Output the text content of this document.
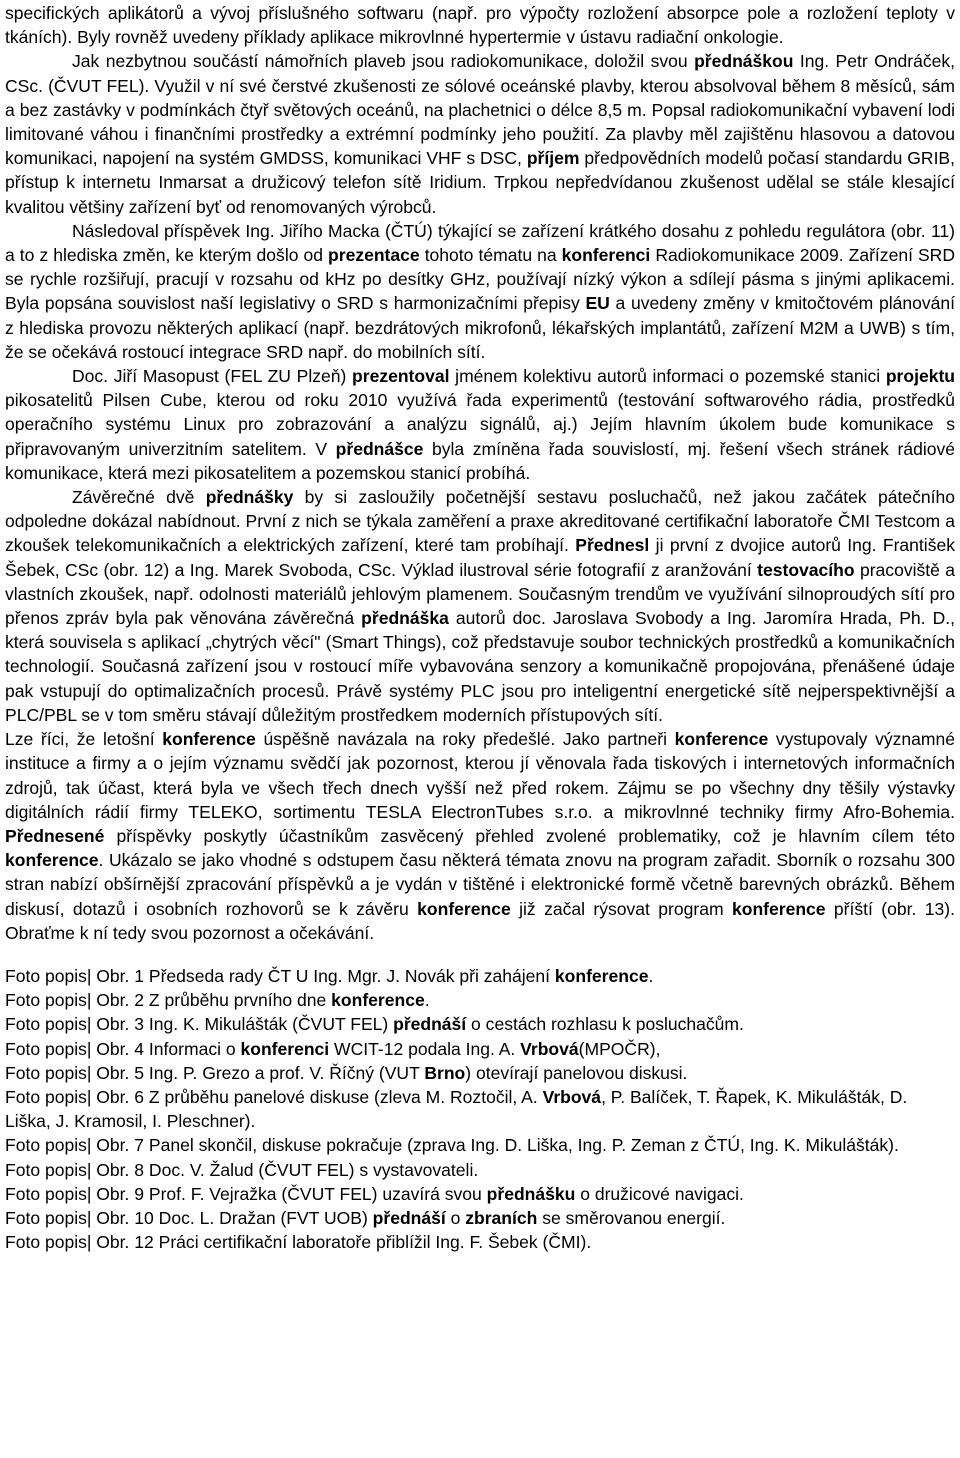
specifických aplikátorů a vývoj příslušného softwaru (např. pro výpočty rozložení absorpce pole a rozložení teploty v tkáních). Byly rovněž uvedeny příklady aplikace mikrovlnné hypertermie v ústavu radiační onkologie.

Jak nezbytnou součástí námořních plaveb jsou radiokomunikace, doložil svou přednáškou Ing. Petr Ondráček, CSc. (ČVUT FEL). Využil v ní své čerstvé zkušenosti ze sólové oceánské plavby, kterou absolvoval během 8 měsíců, sám a bez zastávky v podmínkách čtyř světových oceánů, na plachetnici o délce 8,5 m. Popsal radiokomunikační vybavení lodi limitované váhou i finančními prostředky a extrémní podmínky jeho použití. Za plavby měl zajištěnu hlasovou a datovou komunikaci, napojení na systém GMDSS, komunikaci VHF s DSC, příjem předpovědních modelů počasí standardu GRIB, přístup k internetu Inmarsat a družicový telefon sítě Iridium. Trpkou nepředvídanou zkušenost udělal se stále klesající kvalitou většiny zařízení byť od renomovaných výrobců.

Následoval příspěvek Ing. Jiřího Macka (ČTÚ) týkající se zařízení krátkého dosahu z pohledu regulátora (obr. 11) a to z hlediska změn, ke kterým došlo od prezentace tohoto tématu na konferenci Radiokomunikace 2009. Zařízení SRD se rychle rozšiřují, pracují v rozsahu od kHz po desítky GHz, používají nízký výkon a sdílejí pásma s jinými aplikacemi. Byla popsána souvislost naší legislativy o SRD s harmonizačními přepisy EU a uvedeny změny v kmitočtovém plánování z hlediska provozu některých aplikací (např. bezdrátových mikrofonů, lékařských implantátů, zařízení M2M a UWB) s tím, že se očekává rostoucí integrace SRD např. do mobilních sítí.

Doc. Jiří Masopust (FEL ZU Plzeň) prezentoval jménem kolektivu autorů informaci o pozemské stanici projektu pikosatelitů Pilsen Cube, kterou od roku 2010 využívá řada experimentů (testování softwarového rádia, prostředků operačního systému Linux pro zobrazování a analýzu signálů, aj.) Jejím hlavním úkolem bude komunikace s připravovaným univerzitním satelitem. V přednášce byla zmíněna řada souvislostí, mj. řešení všech stránek rádiové komunikace, která mezi pikosatelitem a pozemskou stanicí probíhá.

Závěrečné dvě přednášky by si zasloužily početnější sestavu posluchačů, než jakou začátek pátečního odpoledne dokázal nabídnout. První z nich se týkala zaměření a praxe akreditované certifikační laboratoře ČMI Testcom a zkoušek telekomunikačních a elektrických zařízení, které tam probíhají. Přednesl ji první z dvojice autorů Ing. František Šebek, CSc (obr. 12) a Ing. Marek Svoboda, CSc. Výklad ilustroval série fotografií z aranžování testovacího pracoviště a vlastních zkoušek, např. odolnosti materiálů jehlovým plamenem. Současným trendům ve využívání silnoproudých sítí pro přenos zpráv byla pak věnována závěrečná přednáška autorů doc. Jaroslava Svobody a Ing. Jaromíra Hrada, Ph. D., která souvisela s aplikací „chytrých věcí" (Smart Things), což představuje soubor technických prostředků a komunikačních technologií. Současná zařízení jsou v rostoucí míře vybavována senzory a komunikačně propojována, přenášené údaje pak vstupují do optimalizačních procesů. Právě systémy PLC jsou pro inteligentní energetické sítě nejperspektivnější a PLC/PBL se v tom směru stávají důležitým prostředkem moderních přístupových sítí.

Lze říci, že letošní konference úspěšně navázala na roky předešlé. Jako partneři konference vystupovaly významné instituce a firmy a o jejím významu svědčí jak pozornost, kterou jí věnovala řada tiskových i internetových informačních zdrojů, tak účast, která byla ve všech třech dnech vyšší než před rokem. Zájmu se po všechny dny těšily výstavky digitálních rádií firmy TELEKO, sortimentu TESLA ElectronTubes s.r.o. a mikrovlnné techniky firmy Afro-Bohemia. Přednesené příspěvky poskytly účastníkům zasvěcený přehled zvolené problematiky, což je hlavním cílem této konference. Ukázalo se jako vhodné s odstupem času některá témata znovu na program zařadit. Sborník o rozsahu 300 stran nabízí obšírnější zpracování příspěvků a je vydán v tištěné i elektronické formě včetně barevných obrázků. Během diskusí, dotazů i osobních rozhovorů se k závěru konference již začal rýsovat program konference příští (obr. 13). Obraťme k ní tedy svou pozornost a očekávání.

Foto popis| Obr. 1 Předseda rady ČT U Ing. Mgr. J. Novák při zahájení konference.

Foto popis| Obr. 2 Z průběhu prvního dne konference.

Foto popis| Obr. 3 Ing. K. Mikulášták (ČVUT FEL) přednáší o cestách rozhlasu k posluchačům.

Foto popis| Obr. 4 Informaci o konferenci WCIT-12 podala Ing. A. Vrbová(MPOČR),

Foto popis| Obr. 5 Ing. P. Grezo a prof. V. Říčný (VUT Brno) otevírají panelovou diskusi.

Foto popis| Obr. 6 Z průběhu panelové diskuse (zleva M. Roztočil, A. Vrbová, P. Balíček, T. Řapek, K. Mikulášták, D. Liška, J. Kramosil, I. Pleschner).

Foto popis| Obr. 7 Panel skončil, diskuse pokračuje (zprava Ing. D. Liška, Ing. P. Zeman z ČTÚ, Ing. K. Mikulášták).

Foto popis| Obr. 8 Doc. V. Žalud (ČVUT FEL) s vystavovateli.

Foto popis| Obr. 9 Prof. F. Vejražka (ČVUT FEL) uzavírá svou přednášku o družicové navigaci.

Foto popis| Obr. 10 Doc. L. Dražan (FVT UOB) přednáší o zbraních se směrovanou energií.

Foto popis| Obr. 12 Práci certifikační laboratoře přiblížil Ing. F. Šebek (ČMI).
